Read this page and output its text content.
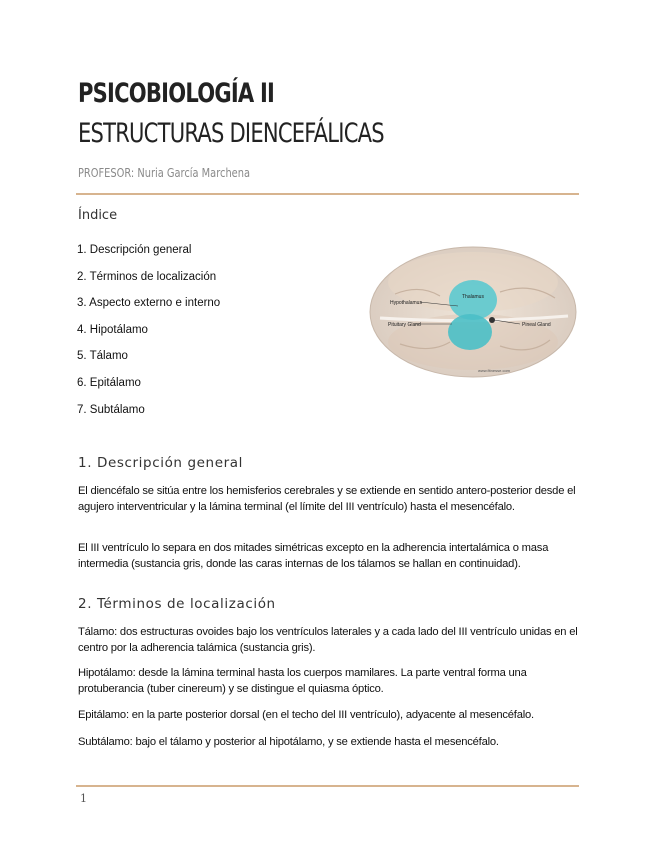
PSICOBIOLOGÍA II
ESTRUCTURAS DIENCEFÁLICAS
PROFESOR: Nuria García Marchena
Índice
1. Descripción general
2. Términos de localización
3. Aspecto externo e interno
4. Hipotálamo
5. Tálamo
6. Epitálamo
7. Subtálamo
Thalamus
Hypothalamus
Pituitary Gland	Pineal Gland
www.fitnesse.com
1. Descripción general

El diencéfalo se sitúa entre los hemisferios cerebrales y se extiende en sentido antero-posterior desde el agujero interventricular y la lámina terminal (el límite del III ventrículo) hasta el mesencéfalo.

El III ventrículo lo separa en dos mitades simétricas excepto en la adherencia intertalámica o masa intermedia (sustancia gris, donde las caras internas de los tálamos se hallan en continuidad).

2. Términos de localización

Tálamo: dos estructuras ovoides bajo los ventrículos laterales y a cada lado del III ventrículo unidas en el centro por la adherencia talámica (sustancia gris).

Hipotálamo: desde la lámina terminal hasta los cuerpos mamilares. La parte ventral forma una protuberancia (tuber cinereum) y se distingue el quiasma óptico.

Epitálamo: en la parte posterior dorsal (en el techo del III ventrículo), adyacente al mesencéfalo.

Subtálamo: bajo el tálamo y posterior al hipotálamo, y se extiende hasta el mesencéfalo.

1
